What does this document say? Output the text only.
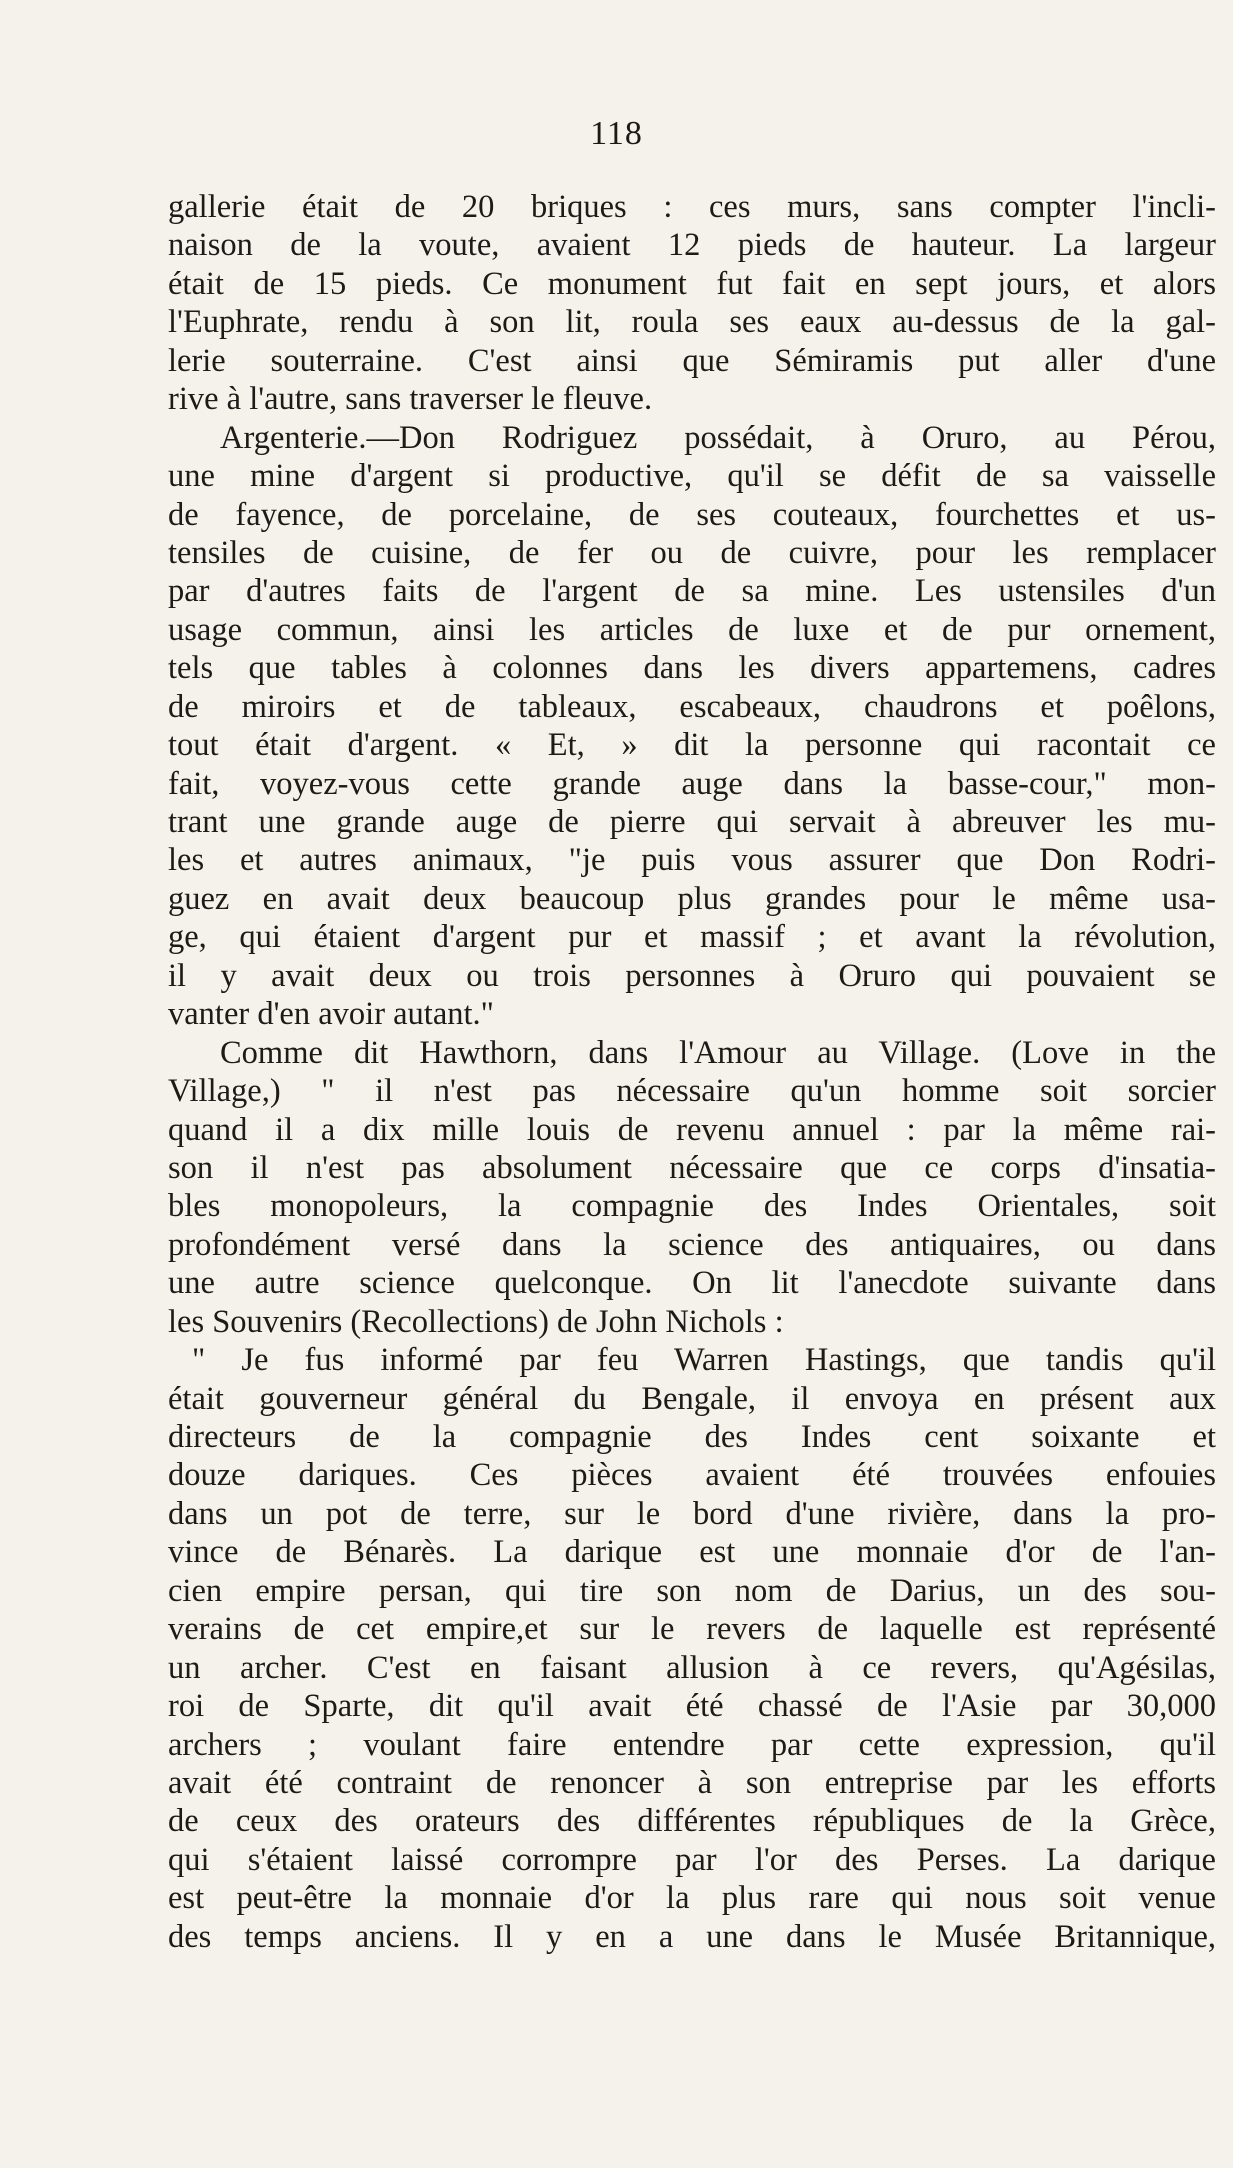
118
gallerie était de 20 briques : ces murs, sans compter l'incli-
naison de la voute, avaient 12 pieds de hauteur. La largeur
était de 15 pieds. Ce monument fut fait en sept jours, et alors
l'Euphrate, rendu à son lit, roula ses eaux au-dessus de la gal-
lerie souterraine. C'est ainsi que Sémiramis put aller d'une
rive à l'autre, sans traverser le fleuve.
Argenterie.—Don Rodriguez possédait, à Oruro, au Pérou,
une mine d'argent si productive, qu'il se défit de sa vaisselle
de fayence, de porcelaine, de ses couteaux, fourchettes et us-
tensiles de cuisine, de fer ou de cuivre, pour les remplacer
par d'autres faits de l'argent de sa mine. Les ustensiles d'un
usage commun, ainsi les articles de luxe et de pur ornement,
tels que tables à colonnes dans les divers appartemens, cadres
de miroirs et de tableaux, escabeaux, chaudrons et poêlons,
tout était d'argent. « Et, » dit la personne qui racontait ce
fait, voyez-vous cette grande auge dans la basse-cour," mon-
trant une grande auge de pierre qui servait à abreuver les mu-
les et autres animaux, "je puis vous assurer que Don Rodri-
guez en avait deux beaucoup plus grandes pour le même usa-
ge, qui étaient d'argent pur et massif ; et avant la révolution,
il y avait deux ou trois personnes à Oruro qui pouvaient se
vanter d'en avoir autant."
Comme dit Hawthorn, dans l'Amour au Village. (Love in the
Village,) " il n'est pas nécessaire qu'un homme soit sorcier
quand il a dix mille louis de revenu annuel : par la même rai-
son il n'est pas absolument nécessaire que ce corps d'insatia-
bles monopoleurs, la compagnie des Indes Orientales, soit
profondément versé dans la science des antiquaires, ou dans
une autre science quelconque. On lit l'anecdote suivante dans
les Souvenirs (Recollections) de John Nichols :
" Je fus informé par feu Warren Hastings, que tandis qu'il
était gouverneur général du Bengale, il envoya en présent aux
directeurs de la compagnie des Indes cent soixante et
douze dariques. Ces pièces avaient été trouvées enfouies
dans un pot de terre, sur le bord d'une rivière, dans la pro-
vince de Bénarès. La darique est une monnaie d'or de l'an-
cien empire persan, qui tire son nom de Darius, un des sou-
verains de cet empire,et sur le revers de laquelle est représenté
un archer. C'est en faisant allusion à ce revers, qu'Agésilas,
roi de Sparte, dit qu'il avait été chassé de l'Asie par 30,000
archers ; voulant faire entendre par cette expression, qu'il
avait été contraint de renoncer à son entreprise par les efforts
de ceux des orateurs des différentes républiques de la Grèce,
qui s'étaient laissé corrompre par l'or des Perses. La darique
est peut-être la monnaie d'or la plus rare qui nous soit venue
des temps anciens. Il y en a une dans le Musée Britannique,
